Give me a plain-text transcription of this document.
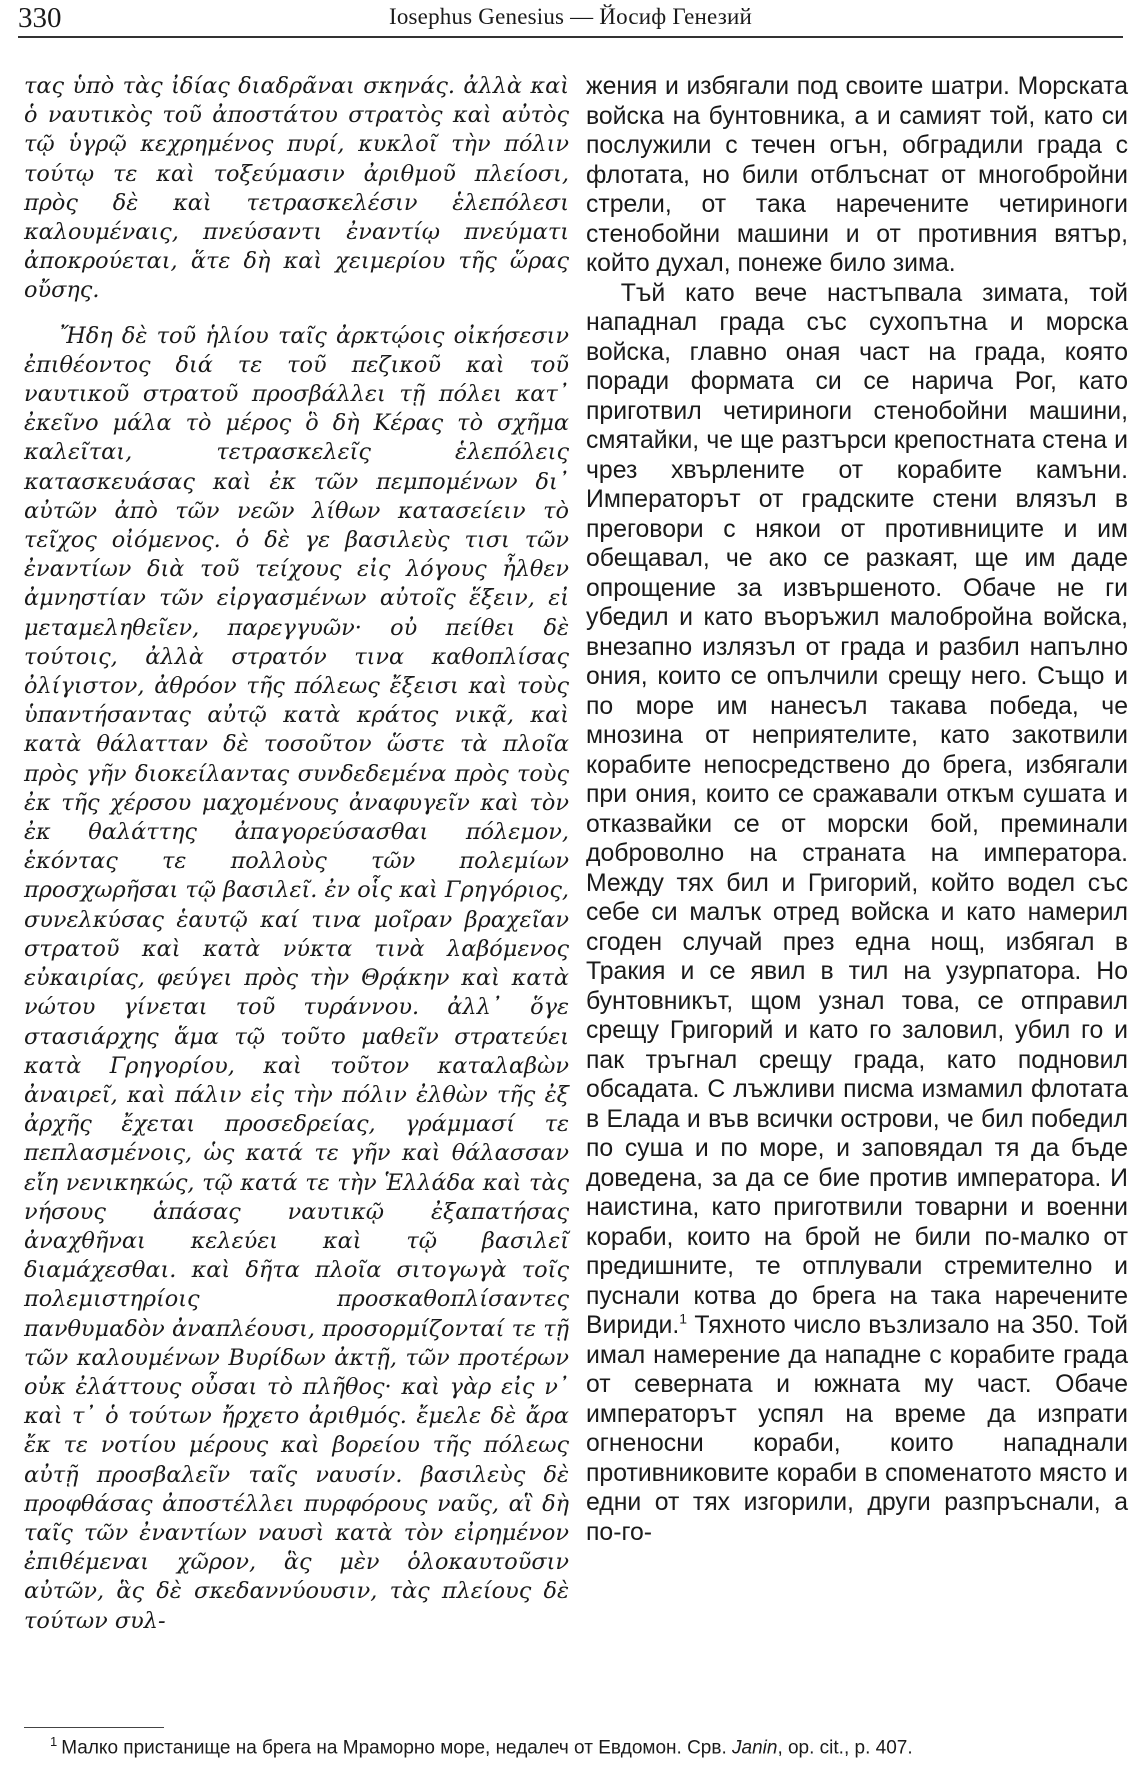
330	Iosephus Genesius — Йосиф Генезий

τας ὑπὸ τὰς ἰδίας διαδρᾶναι σκηνάς. ἀλλὰ καὶ ὁ ναυτικὸς τοῦ ἀποστάτου στρατὸς καὶ αὐτὸς τῷ ὑγρῷ κεχρημένος πυρί, κυκλοῖ τὴν πόλιν τούτῳ τε καὶ τοξεύμασιν ἀριθμοῦ πλείοσι, πρὸς δὲ καὶ τετρασκελέσιν ἑλεπόλεσι καλουμέναις, πνεύσαντι ἐναντίῳ πνεύματι ἀποκρούεται, ἅτε δὴ καὶ χειμερίου τῆς ὥρας οὔσης.

Ἤδη δὲ τοῦ ἡλίου ταῖς ἀρκτῴοις οἰκήσεσιν ἐπιθέοντος διά τε τοῦ πεζικοῦ καὶ τοῦ ναυτικοῦ στρατοῦ προσβάλλει τῇ πόλει κατ᾿ ἐκεῖνο μάλα τὸ μέρος ὃ δὴ Κέρας τὸ σχῆμα καλεῖται, τετρασκελεῖς ἑλεπόλεις κατασκευάσας καὶ ἐκ τῶν πεμπομένων δι᾿ αὐτῶν ἀπὸ τῶν νεῶν λίθων κατασείειν τὸ τεῖχος οἰόμενος. ὁ δὲ γε βασιλεὺς τισι τῶν ἐναντίων διὰ τοῦ τείχους εἰς λόγους ἦλθεν ἀμνηστίαν τῶν εἰργασμένων αὐτοῖς ἕξειν, εἰ μεταμεληθεῖεν, παρεγγυῶν· οὐ πείθει δὲ τούτοις, ἀλλὰ στρατόν τινα καθοπλίσας ὀλίγιστον, ἀθρόον τῆς πόλεως ἔξεισι καὶ τοὺς ὑπαντήσαντας αὐτῷ κατὰ κράτος νικᾷ, καὶ κατὰ θάλατταν δὲ τοσοῦτον ὥστε τὰ πλοῖα πρὸς γῆν διοκείλαντας συνδεδεμένα πρὸς τοὺς ἐκ τῆς χέρσου μαχομένους ἀναφυγεῖν καὶ τὸν ἐκ θαλάττης ἀπαγορεύσασθαι πόλεμον, ἑκόντας τε πολλοὺς τῶν πολεμίων προσχωρῆσαι τῷ βασιλεῖ. ἐν οἷς καὶ Γρηγόριος, συνελκύσας ἑαυτῷ καί τινα μοῖραν βραχεῖαν στρατοῦ καὶ κατὰ νύκτα τινὰ λαβόμενος εὐκαιρίας, φεύγει πρὸς τὴν Θρᾴκην καὶ κατὰ νώτου γίνεται τοῦ τυράννου. ἀλλ᾿ ὅγε στασιάρχης ἅμα τῷ τοῦτο μαθεῖν στρατεύει κατὰ Γρηγορίου, καὶ τοῦτον καταλαβὼν ἀναιρεῖ, καὶ πάλιν εἰς τὴν πόλιν ἐλθὼν τῆς ἐξ ἀρχῆς ἔχεται προσεδρείας, γράμμασί τε πεπλασμένοις, ὡς κατά τε γῆν καὶ θάλασσαν εἴη νενικηκώς, τῷ κατά τε τὴν Ἑλλάδα καὶ τὰς νήσους ἁπάσας ναυτικῷ ἐξαπατήσας ἀναχθῆναι κελεύει καὶ τῷ βασιλεῖ διαμάχεσθαι. καὶ δῆτα πλοῖα σιτογωγὰ τοῖς πολεμιστηρίοις προσκαθοπλίσαντες πανθυμαδὸν ἀναπλέουσι, προσορμίζονταί τε τῇ τῶν καλουμένων Βυρίδων ἀκτῇ, τῶν προτέρων οὐκ ἐλάττους οὖσαι τὸ πλῆθος· καὶ γὰρ εἰς ν᾿ καὶ τ᾿ ὁ τούτων ἤρχετο ἀριθμός. ἔμελε δὲ ἄρα ἔκ τε νοτίου μέρους καὶ βορείου τῆς πόλεως αὐτῇ προσβαλεῖν ταῖς ναυσίν. βασιλεὺς δὲ προφθάσας ἀποστέλλει πυρφόρους ναῦς, αἳ δὴ ταῖς τῶν ἐναντίων ναυσὶ κατὰ τὸν εἰρημένον ἐπιθέμεναι χῶρον, ἃς μὲν ὁλοκαυτοῦσιν αὐτῶν, ἃς δὲ σκεδαννύουσιν, τὰς πλείους δὲ τούτων συλ-

жения и избягали под своите шатри. Морската войска на бунтовника, а и самият той, като си послужили с течен огън, обградили града с флотата, но били отблъснат от многобройни стрели, от така наречените четириноги стенобойни машини и от противния вятър, който духал, понеже било зима.

Тъй като вече настъпвала зимата, той нападнал града със сухопътна и морска войска, главно оная част на града, която поради формата си се нарича Рог, като приготвил четириноги стенобойни машини, смятайки, че ще разтърси крепостната стена и чрез хвърлените от корабите камъни. Императорът от градските стени влязъл в преговори с някои от противниците и им обещавал, че ако се разкаят, ще им даде опрощение за извършеното. Обаче не ги убедил и като въоръжил малобройна войска, внезапно излязъл от града и разбил напълно ония, които се опълчили срещу него. Също и по море им нанесъл такава победа, че мнозина от неприятелите, като закотвили корабите непосредствено до брега, избягали при ония, които се сражавали откъм сушата и отказвайки се от морски бой, преминали доброволно на страната на императора. Между тях бил и Григорий, който водел със себе си малък отред войска и като намерил сгоден случай през една нощ, избягал в Тракия и се явил в тил на узурпатора. Но бунтовникът, щом узнал това, се отправил срещу Григорий и като го заловил, убил го и пак тръгнал срещу града, като подновил обсадата. С лъжливи писма измамил флотата в Елада и във всички острови, че бил победил по суша и по море, и заповядал тя да бъде доведена, за да се бие против императора. И наистина, като приготвили товарни и военни кораби, които на брой не били по-малко от предишните, те отплували стремително и пуснали котва до брега на така наречените Вириди.$^1$ Тяхното число възлизало на 350. Той имал намерение да нападне с корабите града от северната и южната му част. Обаче императорът успял на време да изпрати огненосни кораби, които нападнали противниковите кораби в споменатото място и едни от тях изгорили, други разпръснали, а по-го-

$^1$ Малко пристанище на брега на Мраморно море, недалеч от Евдомон. Срв. Janin, op. cit., p. 407.
